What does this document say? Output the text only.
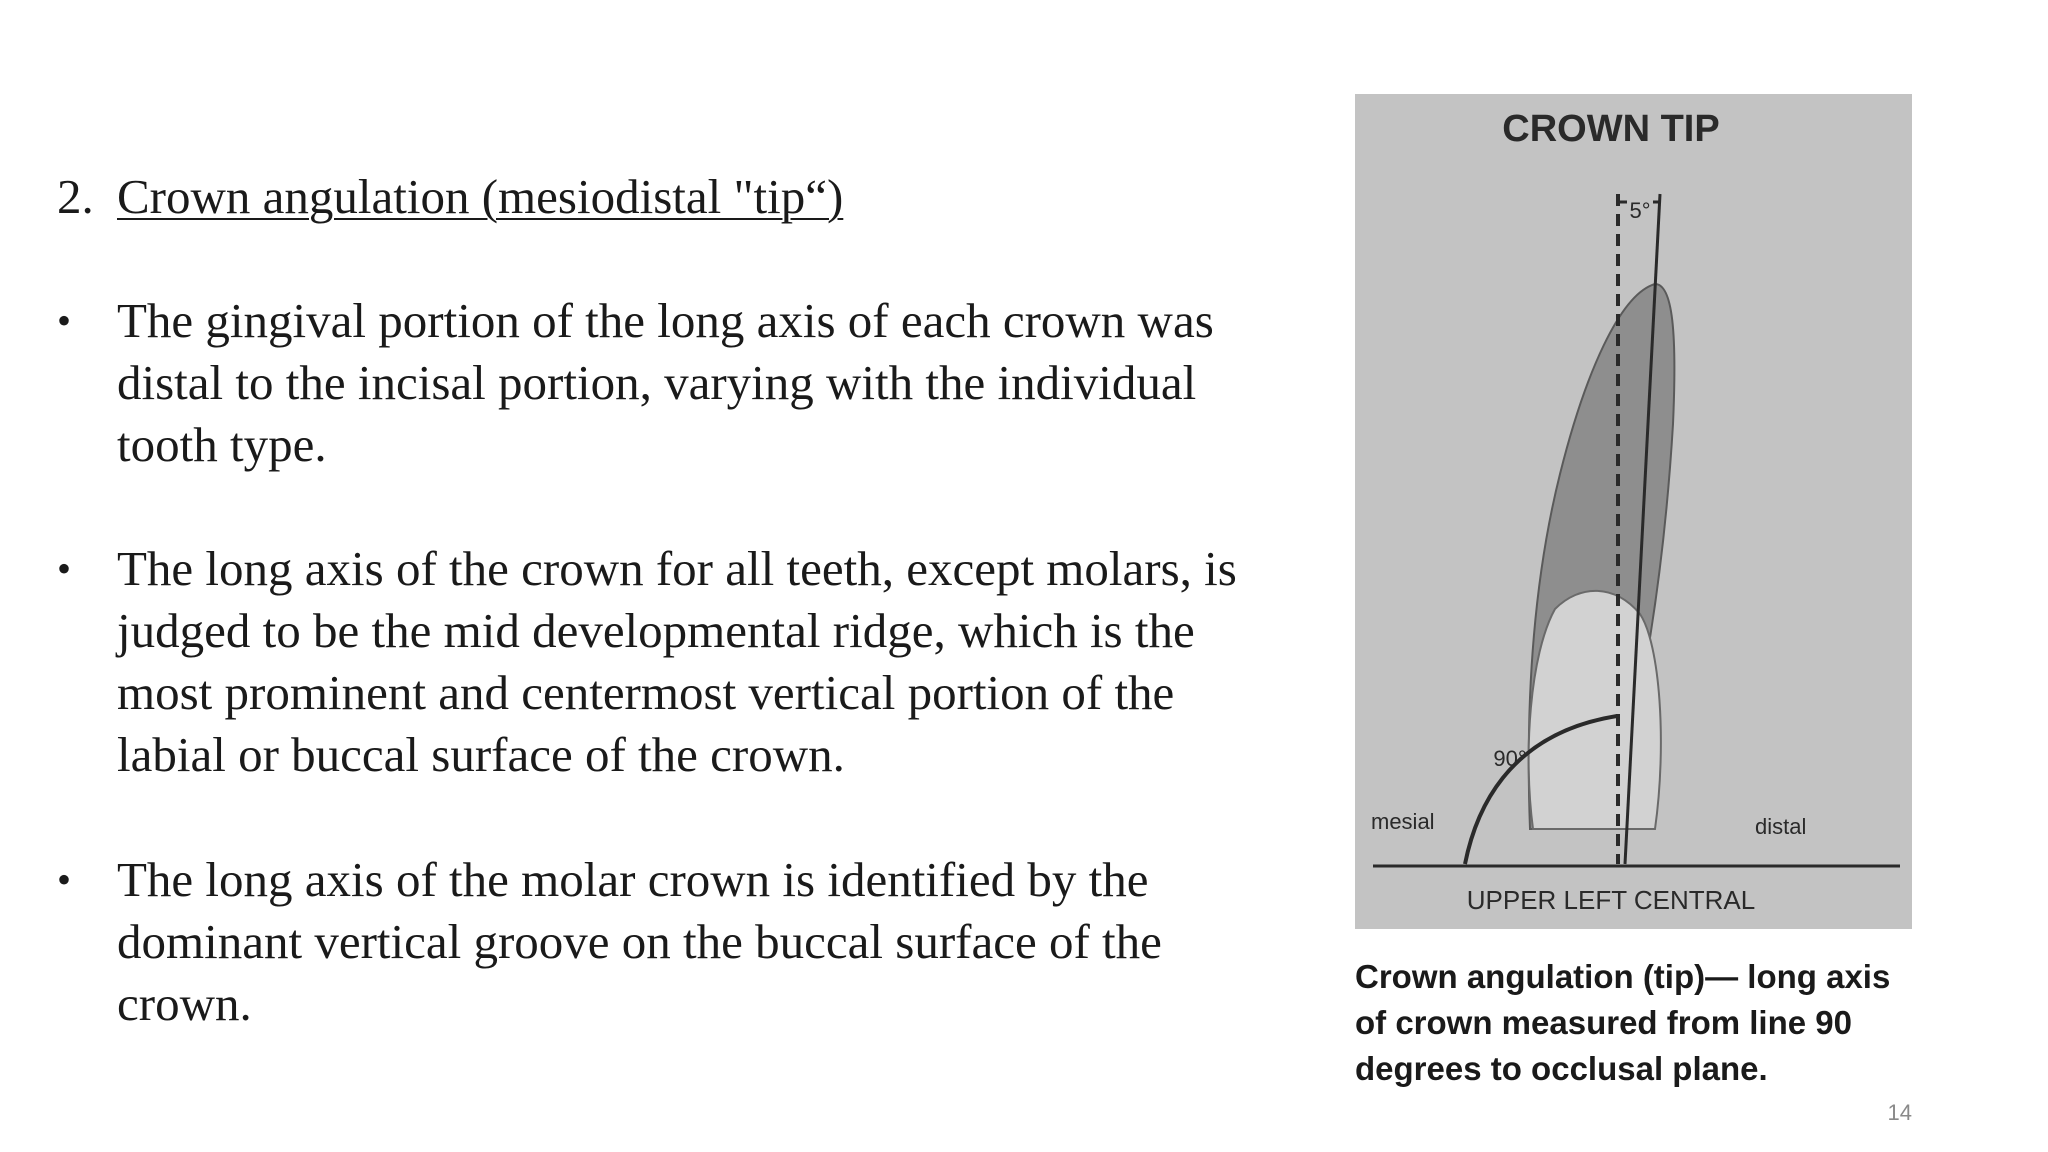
2. Crown angulation (mesiodistal "tip“)
• The gingival portion of the long axis of each crown was distal to the incisal portion, varying with the individual tooth type.
• The long axis of the crown for all teeth, except molars, is judged to be the mid developmental ridge, which is the most prominent and centermost vertical portion of the labial or buccal surface of the crown.
• The long axis of the molar crown is identified by the dominant vertical groove on the buccal surface of the crown.
CROWN TIP
5°
90°
mesial	distal
UPPER LEFT CENTRAL
Crown angulation (tip)— long axis of crown measured from line 90 degrees to occlusal plane.
14
